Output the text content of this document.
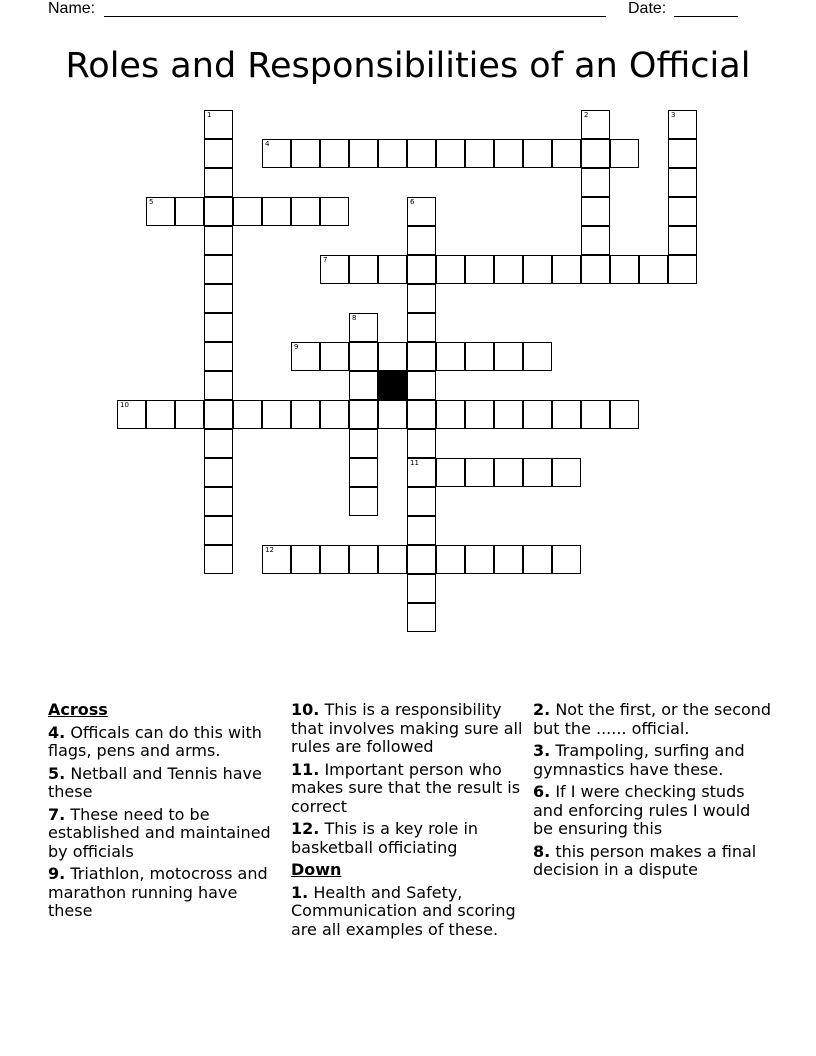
Name:	Date:
Roles and Responsibilities of an Official
1	2	3
4
5	6
11
7
8
9
10
12
Across
4. Officals can do this with flags, pens and arms.
5. Netball and Tennis have these
7. These need to be established and maintained by officials
9. Triathlon, motocross and marathon running have these
10. This is a responsibility that involves making sure all rules are followed
11. Important person who makes sure that the result is correct
12. This is a key role in basketball officiating
Down
1. Health and Safety, Communication and scoring are all examples of these.
2. Not the first, or the second but the ...... official.
3. Trampoling, surfing and gymnastics have these.
6. If I were checking studs and enforcing rules I would be ensuring this
8. this person makes a final decision in a dispute
